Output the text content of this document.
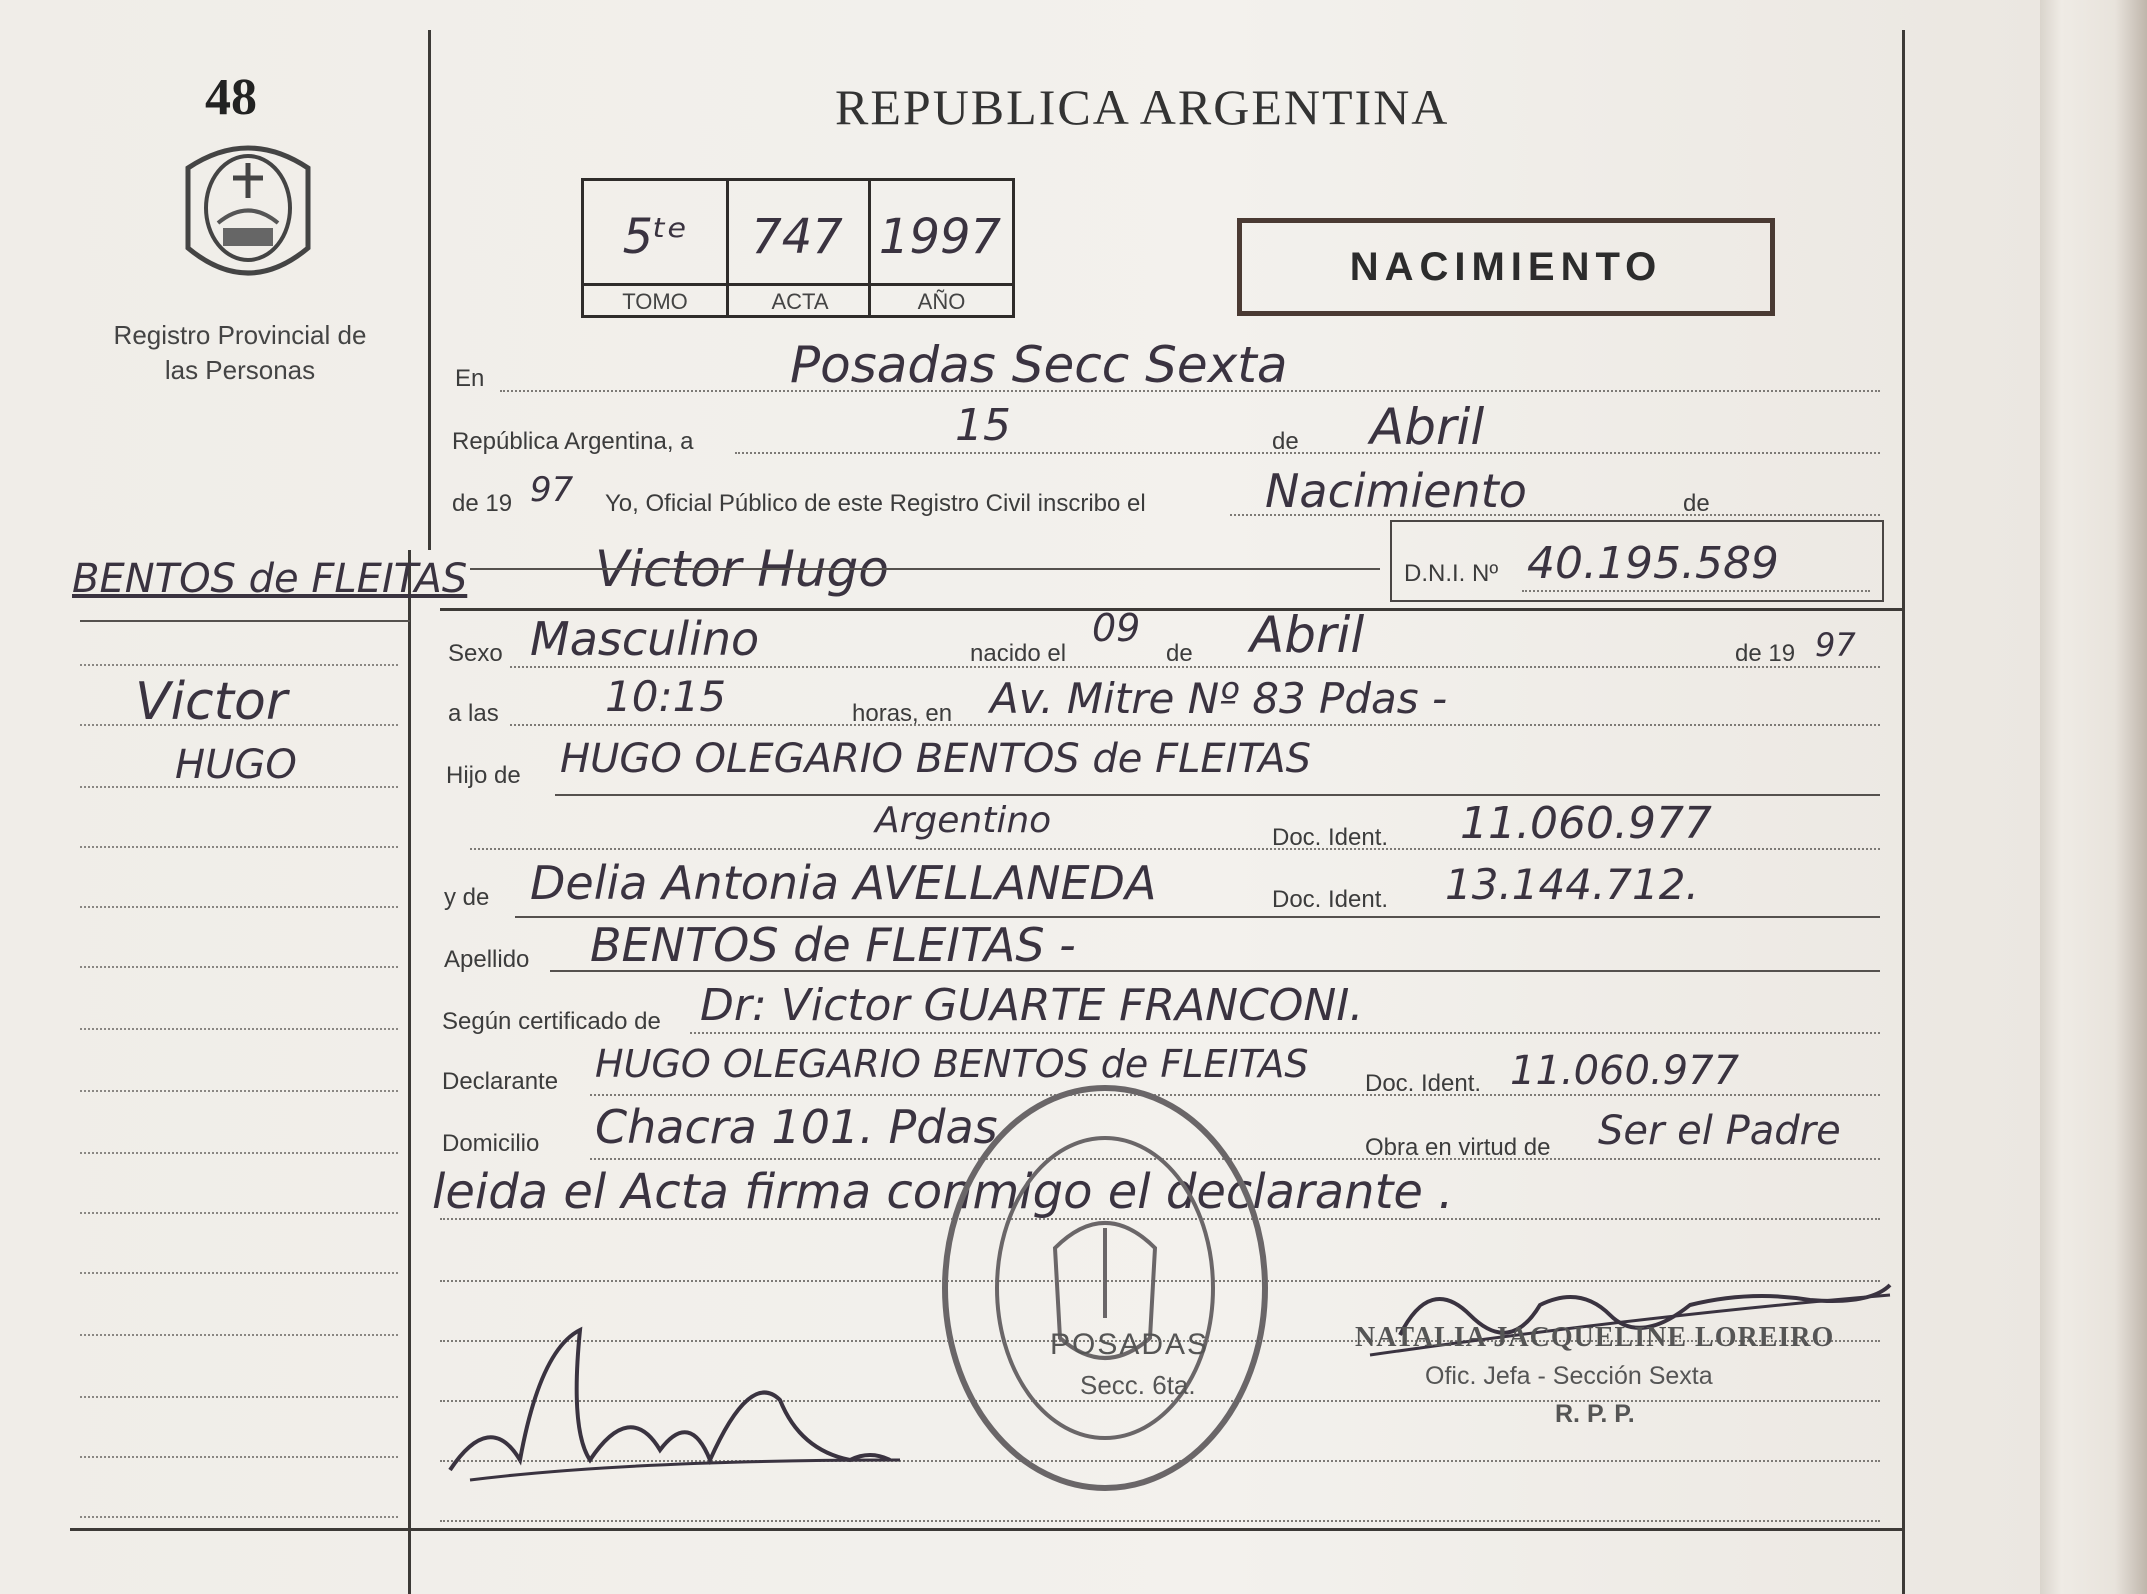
48
Registro Provincial de las Personas
REPUBLICA ARGENTINA
5ᵗᵉ	747 1997
TOMO	ACTA	AÑO
NACIMIENTO
En	Posadas Secc Sexta
República Argentina, a	15	de Abril
de 19 97 Yo, Oficial Público de este Registro Civil inscribo el	Nacimiento	de
Victor Hugo	D.N.I. Nº 40.195.589
BENTOS de FLEITAS
Victor
HUGO
Sexo Masculino	nacido el
09
de Abril	de 19 97
a las	10:15	horas, en Av. Mitre Nº 83 Pdas -
Hijo de HUGO OLEGARIO BENTOS de FLEITAS
Argentino	Doc. Ident. 11.060.977
y de Delia Antonia AVELLANEDA	Doc. Ident. 13.144.712.
Apellido BENTOS de FLEITAS -
Según certificado de Dr: Victor GUARTE FRANCONI.
Declarante HUGO OLEGARIO BENTOS de FLEITAS Doc. Ident. 11.060.977
Domicilio Chacra 101. Pdas	Obra en virtud de Ser el Padre
leida el Acta firma conmigo el declarante .
POSADAS
Secc. 6ta.
NATALIA JACQUELINE LOREIRO
Ofic. Jefa - Sección Sexta
R. P. P.
